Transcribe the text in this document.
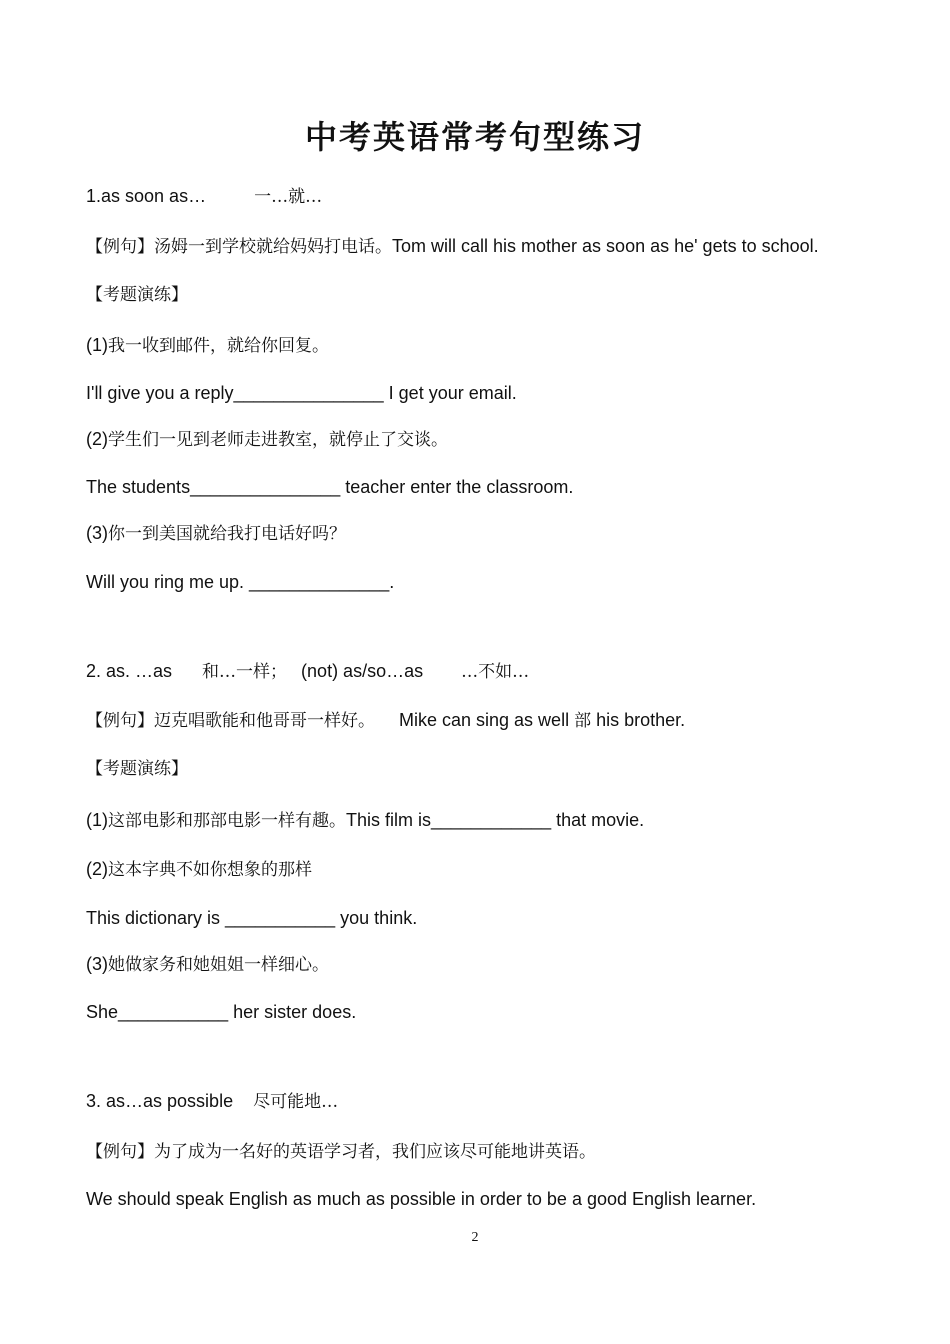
中考英语常考句型练习
1.as soon as…	一…就…
【例句】汤姆一到学校就给妈妈打电话。Tom will call his mother as soon as he' gets to school.
【考题演练】
(1)我一收到邮件，就给你回复。
I'll give you a reply_______________ I get your email.
(2)学生们一见到老师走进教室，就停止了交谈。
The students_______________ teacher enter the classroom.
(3)你一到美国就给我打电话好吗？
Will you ring me up. ______________.
2. as. …as 和…一样； (not) as/so…as …不如…
【例句】迈克唱歌能和他哥哥一样好。 Mike can sing as well 部 his brother.
【考题演练】
(1)这部电影和那部电影一样有趣。This film is____________ that movie.
(2)这本字典不如你想象的那样
This dictionary is ___________ you think.
(3)她做家务和她姐姐一样细心。
She___________ her sister does.
3. as…as possible 尽可能地…
【例句】为了成为一名好的英语学习者，我们应该尽可能地讲英语。
We should speak English as much as possible in order to be a good English learner.
2
